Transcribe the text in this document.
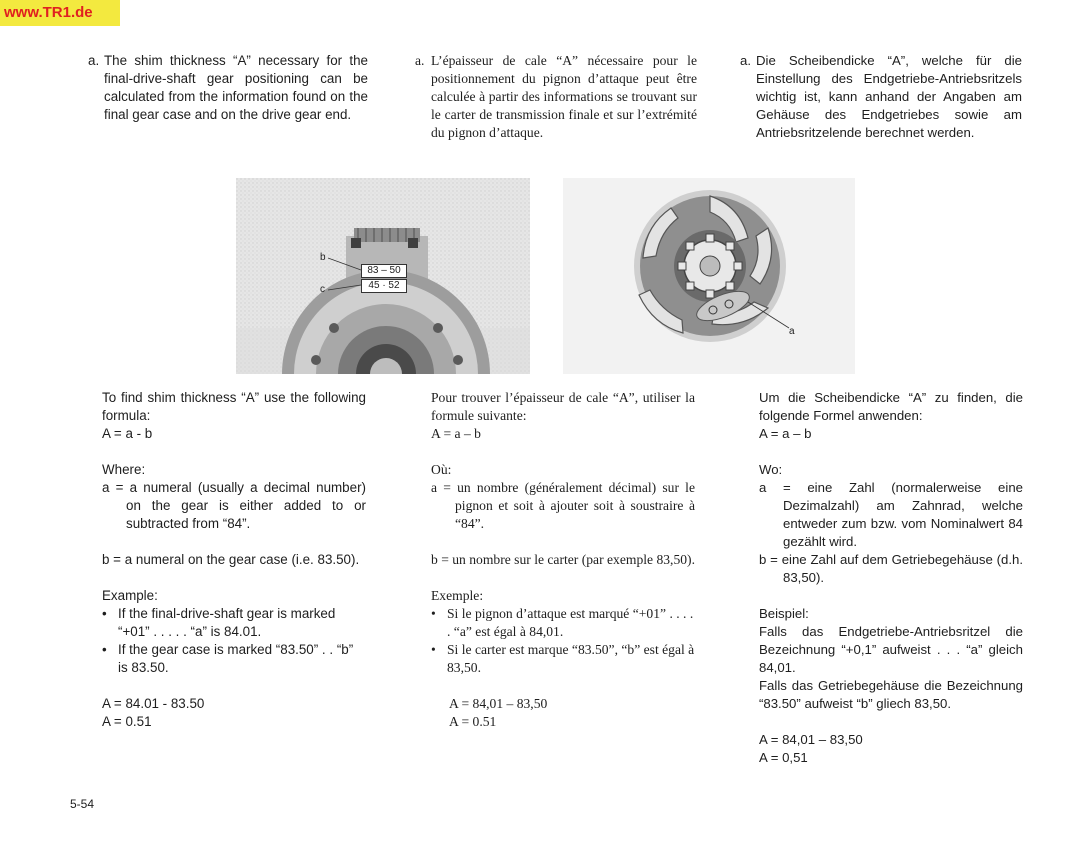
www.TR1.de
a. The shim thickness “A” necessary for the final-drive-shaft gear positioning can be calculated from the information found on the final gear case and on the drive gear end.

a. L’épaisseur de cale “A” nécessaire pour le positionnement du pignon d’attaque peut être calculée à partir des informations se trouvant sur le carter de transmission finale et sur l’extrémité du pignon d’attaque.

a. Die Scheibendicke “A”, welche für die Einstellung des Endgetriebe-Antriebsritzels wichtig ist, kann anhand der Angaben am Gehäuse des Endgetriebes sowie am Antriebsritzelende berechnet werden.

83 – 50
45 · 52
b
c
a

To find shim thickness “A” use the following formula:

A = a - b

Where:

a = a numeral (usually a decimal number) on the gear is either added to or subtracted from “84”.

b = a numeral on the gear case (i.e. 83.50).

Example:

• If the final-drive-shaft gear is marked “+01” . . . . . “a” is 84.01.

• If the gear case is marked “83.50” . . “b” is 83.50.

A = 84.01 - 83.50

A = 0.51

Pour trouver l’épaisseur de cale “A”, utiliser la formule suivante:

A = a – b

Où:

a = un nombre (généralement décimal) sur le pignon et soit à ajouter soit à soustraire à “84”.

b = un nombre sur le carter (par exemple 83,50).

Exemple:

• Si le pignon d’attaque est marqué “+01” . . . . . “a” est égal à 84,01.

• Si le carter est marque “83.50”, “b” est égal à 83,50.

A = 84,01 – 83,50

A = 0.51

Um die Scheibendicke “A” zu finden, die folgende Formel anwenden:

A = a – b

Wo:

a = eine Zahl (normalerweise eine Dezimalzahl) am Zahnrad, welche entweder zum bzw. vom Nominalwert 84 gezählt wird.

b = eine Zahl auf dem Getriebegehäuse (d.h. 83,50).

Beispiel:

Falls das Endgetriebe-Antriebsritzel die Bezeichnung “+0,1” aufweist . . . “a” gleich 84,01.

Falls das Getriebegehäuse die Bezeichnung “83.50” aufweist “b” gliech 83,50.

A = 84,01 – 83,50

A = 0,51

5-54
